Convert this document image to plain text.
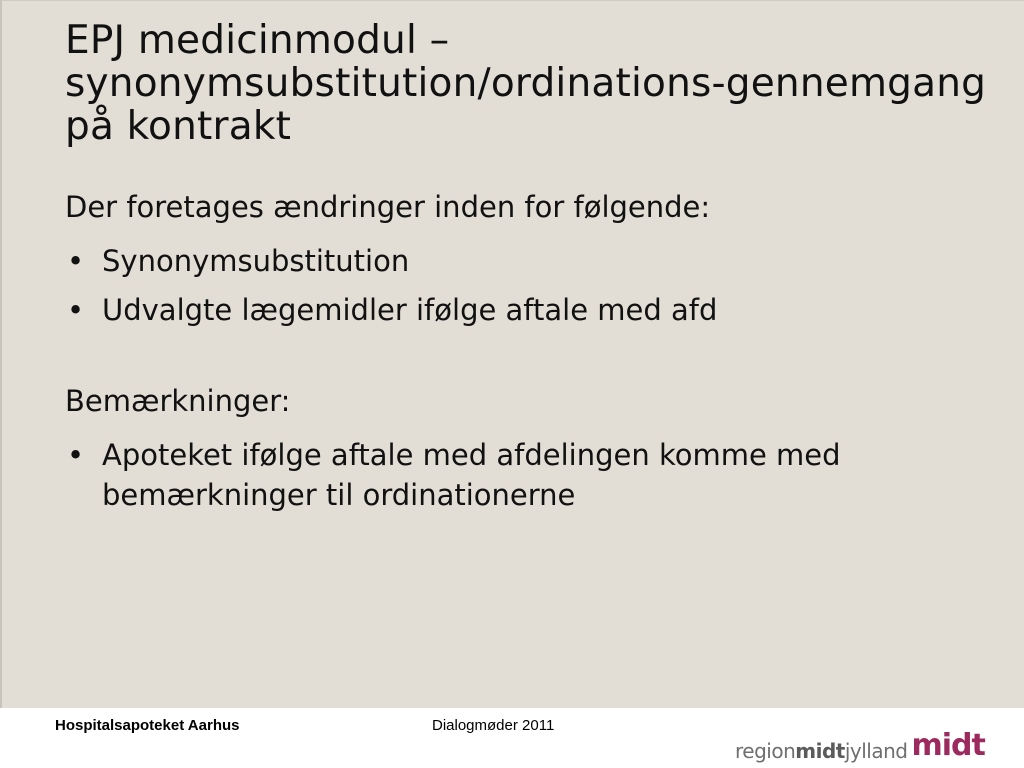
EPJ medicinmodul – synonymsubstitution/ordinations-gennemgang på kontrakt

Der foretages ændringer inden for følgende:

• Synonymsubstitution
• Udvalgte lægemidler ifølge aftale med afd

Bemærkninger:

• Apoteket ifølge aftale med afdelingen komme med bemærkninger til ordinationerne
Hospitalsapoteket Aarhus	Dialogmøder 2011
regionmidtjylland midt
